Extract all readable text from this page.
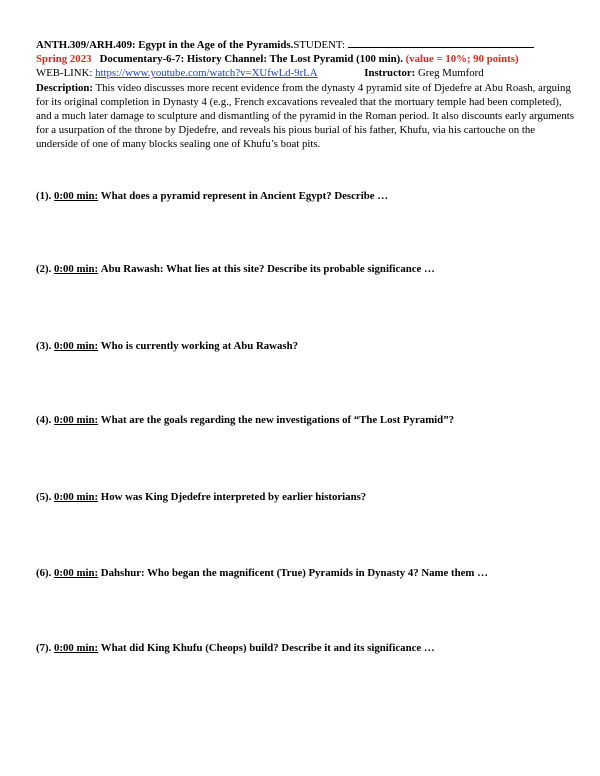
ANTH.309/ARH.409: Egypt in the Age of the Pyramids.STUDENT:
Spring 2023 Documentary-6-7: History Channel: The Lost Pyramid (100 min). (value = 10%; 90 points)
WEB-LINK: https://www.youtube.com/watch?v=XUfwLd-9rLA	Instructor: Greg Mumford
Description: This video discusses more recent evidence from the dynasty 4 pyramid site of Djedefre at Abu Roash, arguing for its original completion in Dynasty 4 (e.g., French excavations revealed that the mortuary temple had been completed), and a much later damage to sculpture and dismantling of the pyramid in the Roman period. It also discounts early arguments for a usurpation of the throne by Djedefre, and reveals his pious burial of his father, Khufu, via his cartouche on the underside of one of many blocks sealing one of Khufu’s boat pits.
(1). 0:00 min: What does a pyramid represent in Ancient Egypt? Describe …
(2). 0:00 min: Abu Rawash: What lies at this site? Describe its probable significance …
(3). 0:00 min: Who is currently working at Abu Rawash?
(4). 0:00 min: What are the goals regarding the new investigations of “The Lost Pyramid”?
(5). 0:00 min: How was King Djedefre interpreted by earlier historians?
(6). 0:00 min: Dahshur: Who began the magnificent (True) Pyramids in Dynasty 4? Name them …
(7). 0:00 min: What did King Khufu (Cheops) build? Describe it and its significance …
